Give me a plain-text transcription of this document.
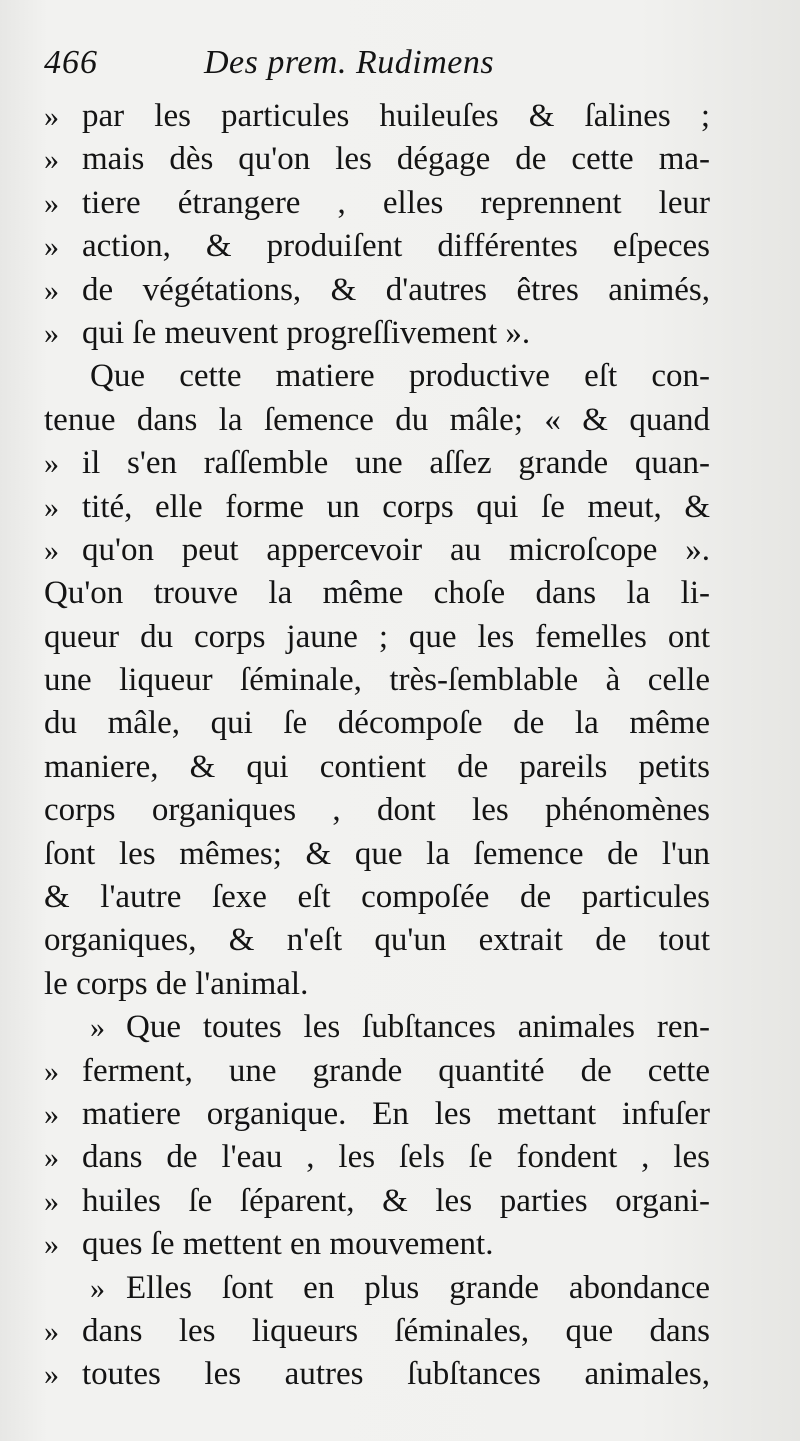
466	Des prem. Rudimens
» par les particules huileuſes & ſalines ;
» mais dès qu'on les dégage de cette ma-
» tiere étrangere , elles reprennent leur
» action, & produiſent différentes eſpeces
» de végétations, & d'autres êtres animés,
» qui ſe meuvent progreſſivement ».
Que cette matiere productive eſt con-
tenue dans la ſemence du mâle; « & quand
» il s'en raſſemble une aſſez grande quan-
» tité, elle forme un corps qui ſe meut, &
» qu'on peut appercevoir au microſcope ».
Qu'on trouve la même choſe dans la li-
queur du corps jaune ; que les femelles ont
une liqueur ſéminale, très-ſemblable à celle
du mâle, qui ſe décompoſe de la même
maniere, & qui contient de pareils petits
corps organiques , dont les phénomènes
ſont les mêmes; & que la ſemence de l'un
& l'autre ſexe eſt compoſée de particules
organiques, & n'eſt qu'un extrait de tout
le corps de l'animal.
» Que toutes les ſubſtances animales ren-
» ferment, une grande quantité de cette
» matiere organique. En les mettant infuſer
» dans de l'eau , les ſels ſe fondent , les
» huiles ſe ſéparent, & les parties organi-
» ques ſe mettent en mouvement.
» Elles ſont en plus grande abondance
» dans les liqueurs ſéminales, que dans
» toutes les autres ſubſtances animales,
